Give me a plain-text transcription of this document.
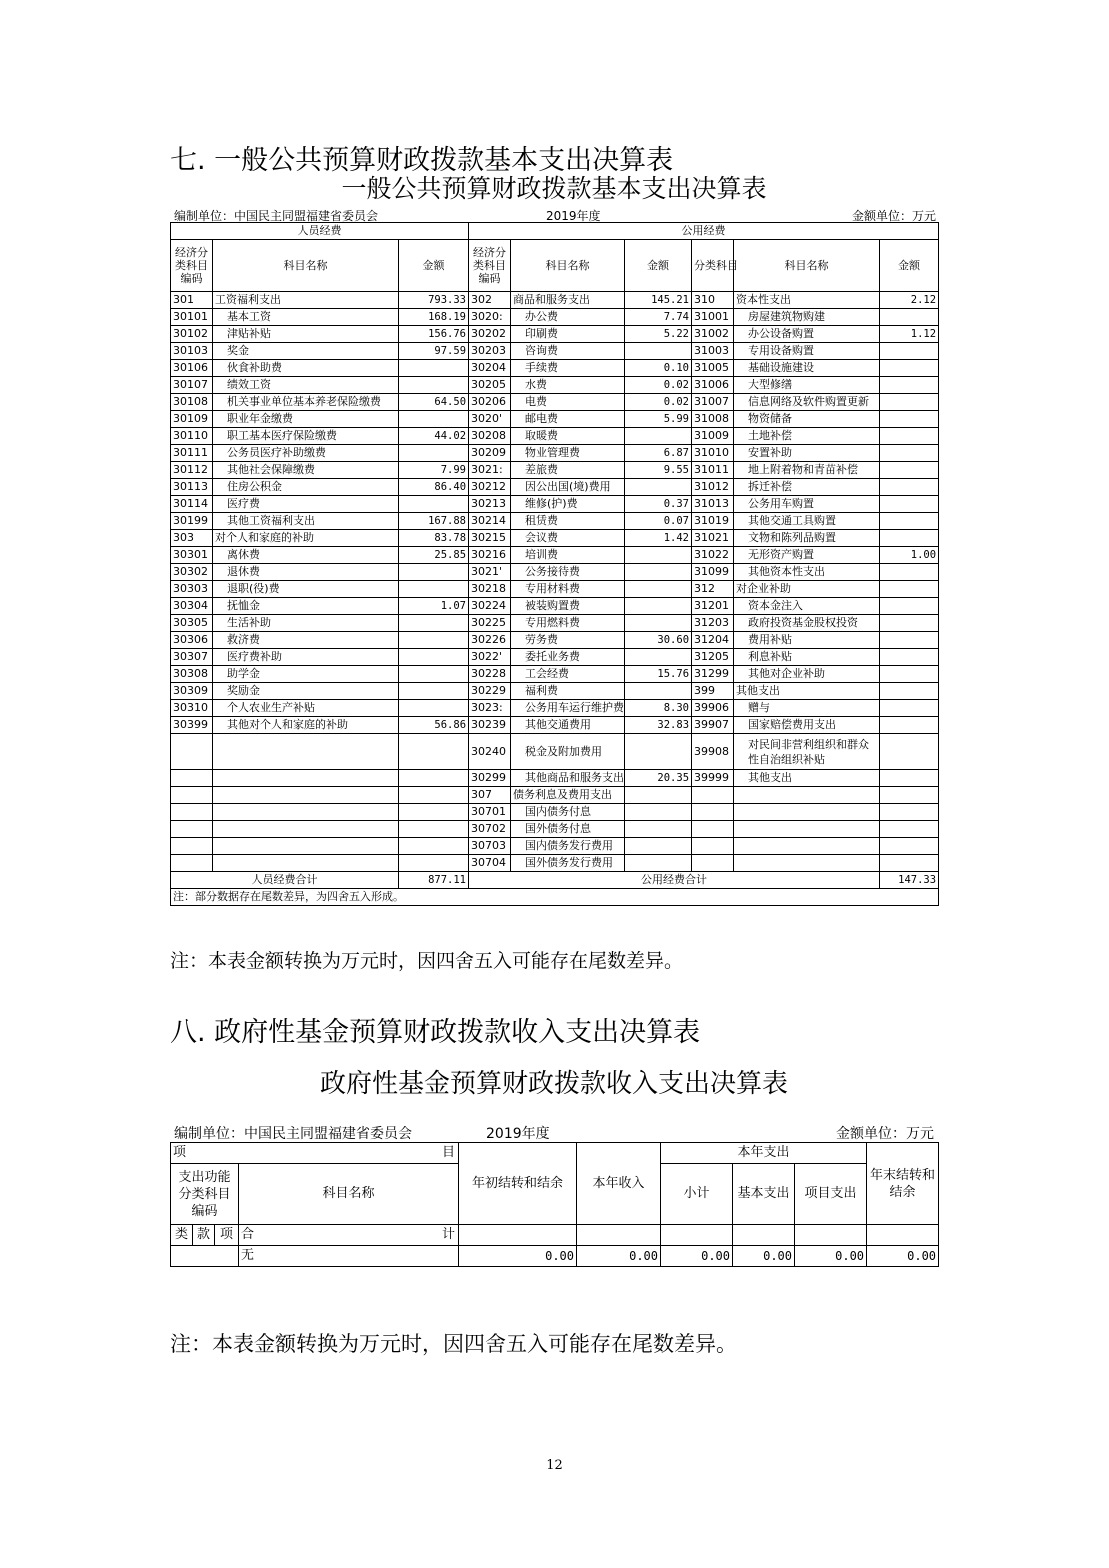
七. 一般公共预算财政拨款基本支出决算表
一般公共预算财政拨款基本支出决算表
编制单位：中国民主同盟福建省委员会	2019年度	金额单位：万元
人员经费			公用经费					
经济分类科目编码	科目名称	金额	经济分类科目编码	科目名称	金额	分类科目	科目名称	金额
301	工资福利支出	793.33	302	商品和服务支出	145.21	310	资本性支出	2.12
30101	基本工资	168.19	3020:	办公费	7.74	31001	房屋建筑物购建	
30102	津贴补贴	156.76	30202	印刷费	5.22	31002	办公设备购置	1.12
30103	奖金	97.59	30203	咨询费		31003	专用设备购置	
30106	伙食补助费		30204	手续费	0.10	31005	基础设施建设	
30107	绩效工资		30205	水费	0.02	31006	大型修缮	
30108	机关事业单位基本养老保险缴费	64.50	30206	电费	0.02	31007	信息网络及软件购置更新	
30109	职业年金缴费		3020'	邮电费	5.99	31008	物资储备	
30110	职工基本医疗保险缴费	44.02	30208	取暖费		31009	土地补偿	
30111	公务员医疗补助缴费		30209	物业管理费	6.87	31010	安置补助	
30112	其他社会保障缴费	7.99	3021:	差旅费	9.55	31011	地上附着物和青苗补偿	
30113	住房公积金	86.40	30212	因公出国(境)费用		31012	拆迁补偿	
30114	医疗费		30213	维修(护)费	0.37	31013	公务用车购置	
30199	其他工资福利支出	167.88	30214	租赁费	0.07	31019	其他交通工具购置	
303	对个人和家庭的补助	83.78	30215	会议费	1.42	31021	文物和陈列品购置	
30301	离休费	25.85	30216	培训费		31022	无形资产购置	1.00
30302	退休费		3021'	公务接待费		31099	其他资本性支出	
30303	退职(役)费		30218	专用材料费		312	对企业补助	
30304	抚恤金	1.07	30224	被装购置费		31201	资本金注入	
30305	生活补助		30225	专用燃料费		31203	政府投资基金股权投资	
30306	救济费		30226	劳务费	30.60	31204	费用补贴	
30307	医疗费补助		3022'	委托业务费		31205	利息补贴	
30308	助学金		30228	工会经费	15.76	31299	其他对企业补助	
30309	奖励金		30229	福利费		399	其他支出	
30310	个人农业生产补贴		3023:	公务用车运行维护费	8.30	39906	赠与	
30399	其他对个人和家庭的补助	56.86	30239	其他交通费用	32.83	39907	国家赔偿费用支出	
			30240	税金及附加费用		39908	对民间非营利组织和群众性自治组织补贴	
			30299	其他商品和服务支出	20.35	39999	其他支出	
			307	债务利息及费用支出				
			30701	国内债务付息				
			30702	国外债务付息				
			30703	国内债务发行费用				
			30704	国外债务发行费用				
人员经费合计		877.11	公用经费合计					147.33
注：部分数据存在尾数差异，为四舍五入形成。								
注：本表金额转换为万元时，因四舍五入可能存在尾数差异。
八. 政府性基金预算财政拨款收入支出决算表
政府性基金预算财政拨款收入支出决算表
编制单位：中国民主同盟福建省委员会	2019年度	金额单位：万元
项 目				年初结转和结余	本年收入	本年支出			年末结转和结余
支出功能分类科目编码			科目名称			小计	基本支出	项目支出	
类	款	项	合 计						

			无	0.00	0.00	0.00	0.00	0.00	0.00
注：本表金额转换为万元时，因四舍五入可能存在尾数差异。
12
